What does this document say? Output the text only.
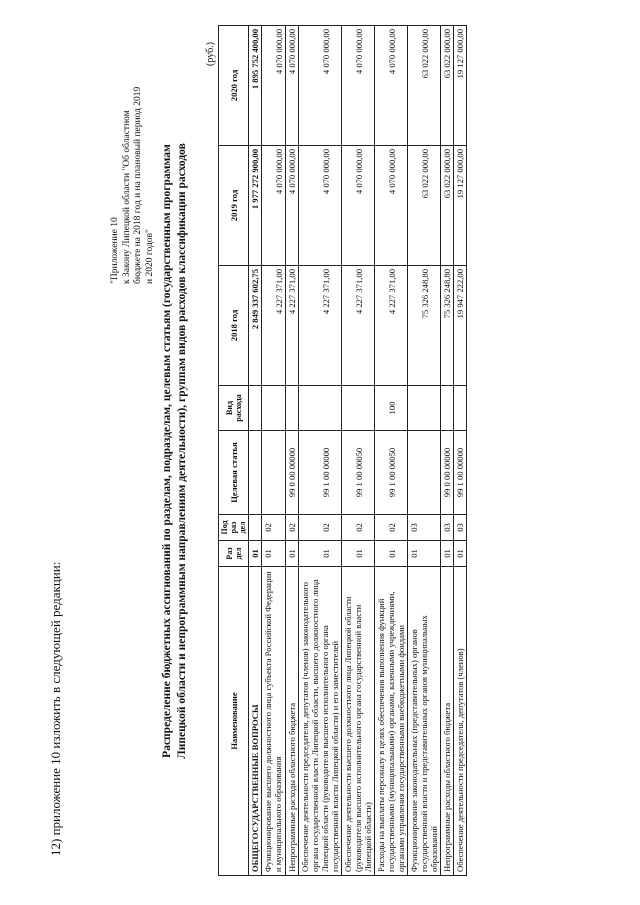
12) приложение 10 изложить в следующей редакции:
"Приложение 10 к Закону Липецкой области "Об областном бюджете на 2018 год и на плановый период 2019 и 2020 годов" Распределение бюджетных ассигнований по разделам, подразделам, целевым статьям (государственным программам Липецкой области и непрограммным направлениям деятельности), группам видов расходов классификации расходов
(руб.)
Наименование	Раз дел	Под раз дел	Целевая статья	Вид расхода	2018 год	2019 год	2020 год
ОБЩЕГОСУДАРСТВЕННЫЕ ВОПРОСЫ	01				2 849 337 602,75	1 977 272 900,00	1 895 752 400,00
Функционирование высшего должностного лица субъекта Российской Федерации и муниципального образования	01	02			4 227 371,00	4 070 000,00	4 070 000,00
Непрограммные расходы областного бюджета	01	02	99 0 00 00000		4 227 371,00	4 070 000,00	4 070 000,00
Обеспечение деятельности председателя, депутатов (членов) законодательного органа государственной власти Липецкой области, высшего должностного лица Липецкой области (руководителя высшего исполнительного органа государственной власти Липецкой области) и его заместителей	01	02	99 1 00 00000		4 227 371,00	4 070 000,00	4 070 000,00
Обеспечение деятельности высшего должностного лица Липецкой области (руководителя высшего исполнительного органа государственной власти Липецкой области)	01	02	99 1 00 00050		4 227 371,00	4 070 000,00	4 070 000,00
Расходы на выплаты персоналу в целях обеспечения выполнения функций государственными (муниципальными) органами, казенными учреждениями, органами управления государственными внебюджетными фондами	01	02	99 1 00 00050	100	4 227 371,00	4 070 000,00	4 070 000,00
Функционирование законодательных (представительных) органов государственной власти и представительных органов муниципальных образований	01	03			75 326 248,80	63 022 000,00	63 022 000,00
Непрограммные расходы областного бюджета	01	03	99 0 00 00000		75 326 248,80	63 022 000,00	63 022 000,00
Обеспечение деятельности председателя, депутатов (членов)	01	03	99 1 00 00000		19 947 222,00	19 127 000,00	19 127 000,00
